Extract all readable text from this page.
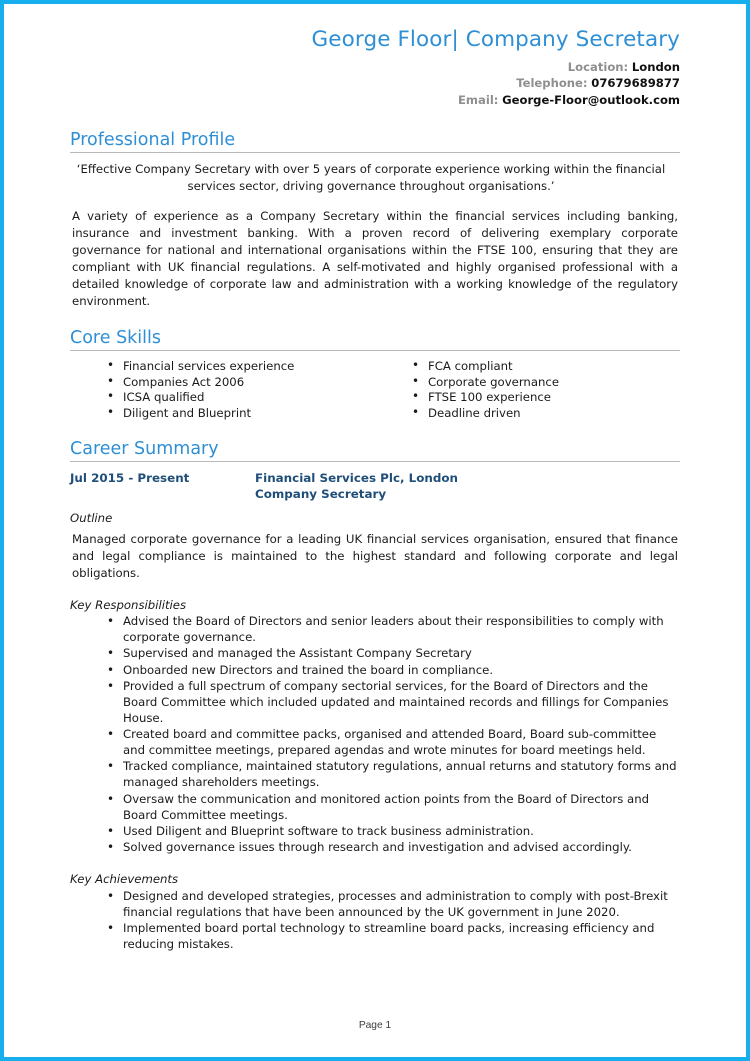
George Floor| Company Secretary
Location: London
Telephone: 07679689877
Email: George-Floor@outlook.com
Professional Profile
‘Effective Company Secretary with over 5 years of corporate experience working within the financial services sector, driving governance throughout organisations.’
A variety of experience as a Company Secretary within the financial services including banking, insurance and investment banking. With a proven record of delivering exemplary corporate governance for national and international organisations within the FTSE 100, ensuring that they are compliant with UK financial regulations. A self-motivated and highly organised professional with a detailed knowledge of corporate law and administration with a working knowledge of the regulatory environment.
Core Skills
• Financial services experience
• Companies Act 2006
• ICSA qualified
• Diligent and Blueprint
• FCA compliant
• Corporate governance
• FTSE 100 experience
• Deadline driven
Career Summary
Jul 2015 - Present	Financial Services Plc, London
Company Secretary
Outline
Managed corporate governance for a leading UK financial services organisation, ensured that finance and legal compliance is maintained to the highest standard and following corporate and legal obligations.
Key Responsibilities
• Advised the Board of Directors and senior leaders about their responsibilities to comply with corporate governance.
• Supervised and managed the Assistant Company Secretary
• Onboarded new Directors and trained the board in compliance.
• Provided a full spectrum of company sectorial services, for the Board of Directors and the Board Committee which included updated and maintained records and fillings for Companies House.
• Created board and committee packs, organised and attended Board, Board sub-committee and committee meetings, prepared agendas and wrote minutes for board meetings held.
• Tracked compliance, maintained statutory regulations, annual returns and statutory forms and managed shareholders meetings.
• Oversaw the communication and monitored action points from the Board of Directors and Board Committee meetings.
• Used Diligent and Blueprint software to track business administration.
• Solved governance issues through research and investigation and advised accordingly.
Key Achievements
• Designed and developed strategies, processes and administration to comply with post-Brexit financial regulations that have been announced by the UK government in June 2020.
• Implemented board portal technology to streamline board packs, increasing efficiency and reducing mistakes.
Page 1
